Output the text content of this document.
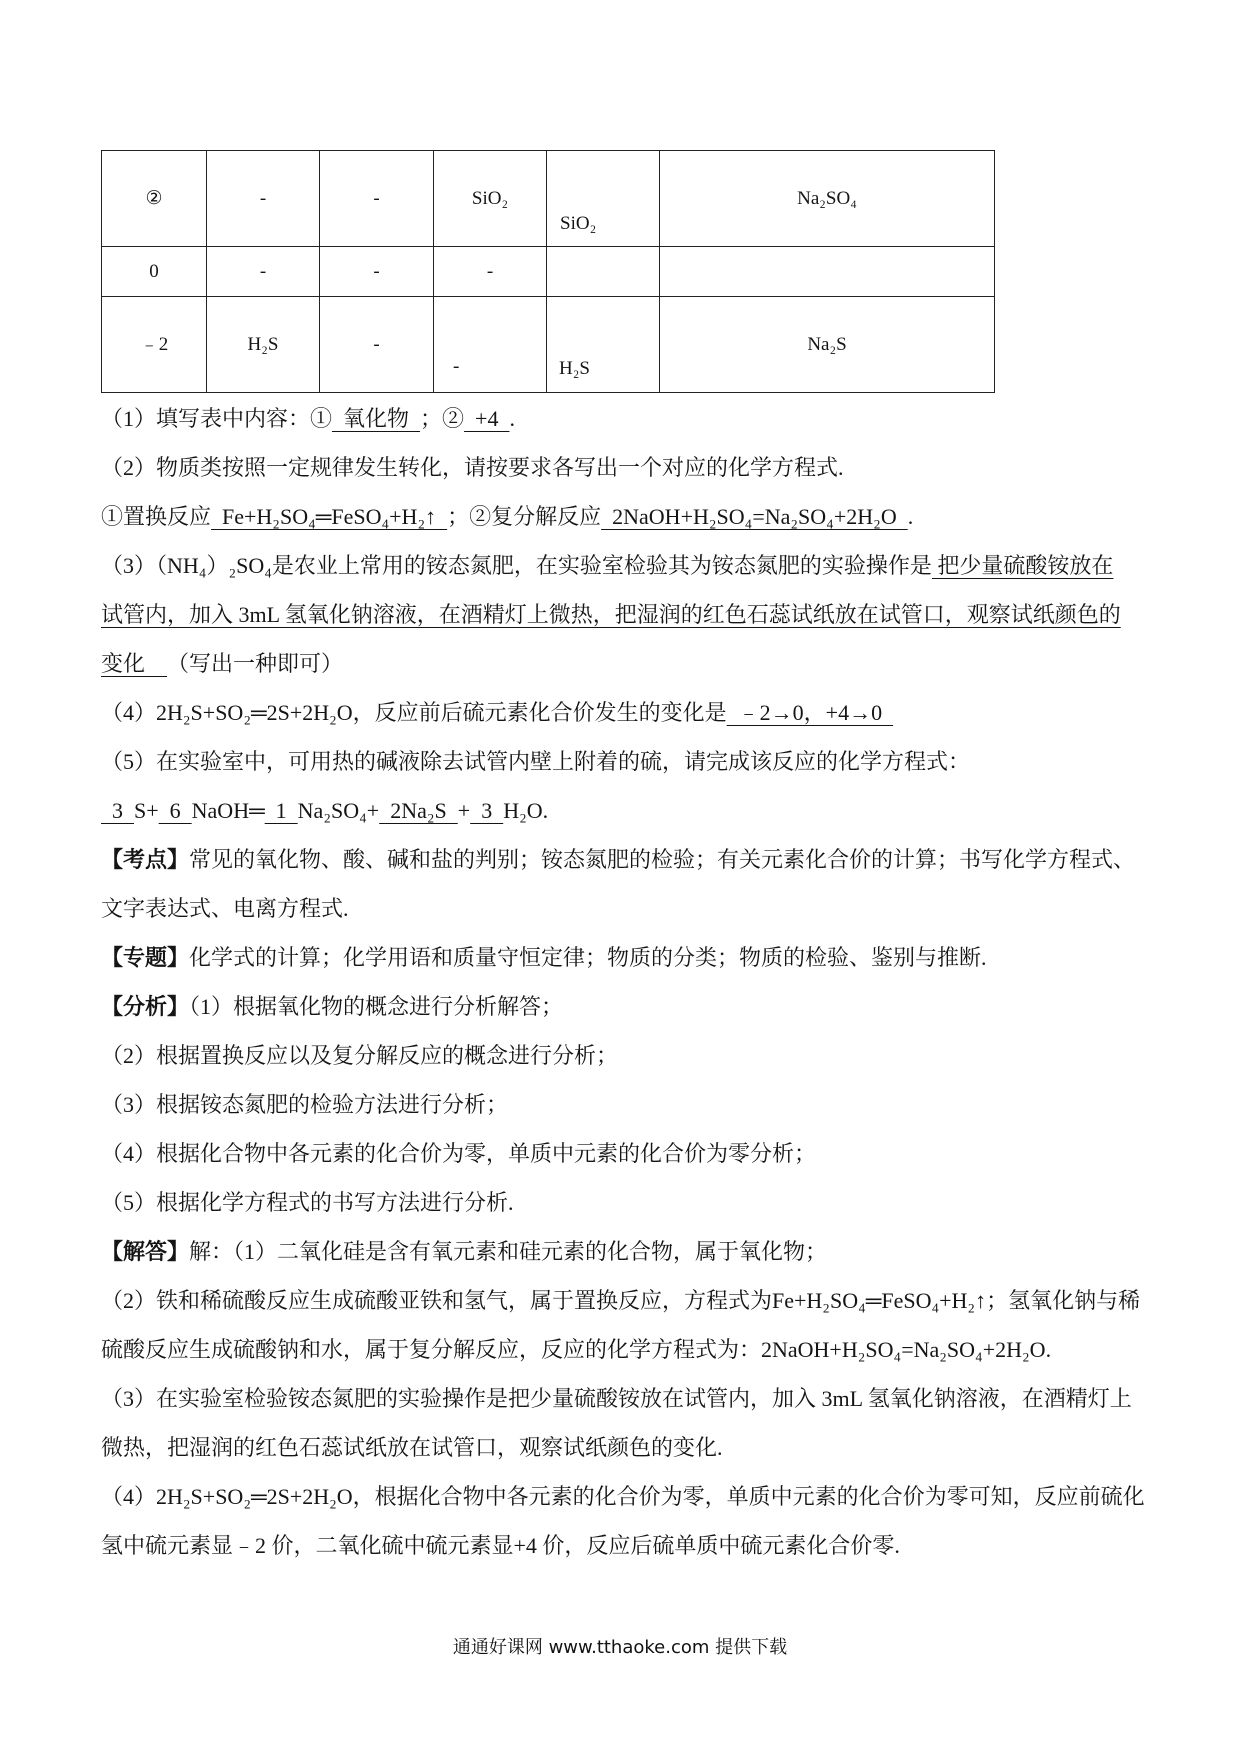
②	-	-	SiO₂	SiO₂	Na₂SO₄
0	-	-	-		
﹣2	H₂S	-	-	H₂S	Na₂S
（1）填写表中内容：①  氧化物  ；②  +4  .
（2）物质类按照一定规律发生转化，请按要求各写出一个对应的化学方程式.
①置换反应  Fe+H₂SO₄═FeSO₄+H₂↑  ；②复分解反应  2NaOH+H₂SO₄=Na₂SO₄+2H₂O  .
（3）（NH₄）₂SO₄是农业上常用的铵态氮肥，在实验室检验其为铵态氮肥的实验操作是 把少量硫酸铵放在
试管内，加入 3mL 氢氧化钠溶液，在酒精灯上微热，把湿润的红色石蕊试纸放在试管口，观察试纸颜色的
变化    （写出一种即可）
（4）2H₂S+SO₂═2S+2H₂O，反应前后硫元素化合价发生的变化是  ﹣2→0，+4→0
（5）在实验室中，可用热的碱液除去试管内壁上附着的硫，请完成该反应的化学方程式：
3  S+  6  NaOH═  1  Na₂SO₄+  2Na₂S  +  3  H₂O.
【考点】常见的氧化物、酸、碱和盐的判别；铵态氮肥的检验；有关元素化合价的计算；书写化学方程式、
文字表达式、电离方程式.
【专题】化学式的计算；化学用语和质量守恒定律；物质的分类；物质的检验、鉴别与推断.
【分析】（1）根据氧化物的概念进行分析解答；
（2）根据置换反应以及复分解反应的概念进行分析；
（3）根据铵态氮肥的检验方法进行分析；
（4）根据化合物中各元素的化合价为零，单质中元素的化合价为零分析；
（5）根据化学方程式的书写方法进行分析.
【解答】解：（1）二氧化硅是含有氧元素和硅元素的化合物，属于氧化物；
（2）铁和稀硫酸反应生成硫酸亚铁和氢气，属于置换反应，方程式为Fe+H₂SO₄═FeSO₄+H₂↑；氢氧化钠与稀
硫酸反应生成硫酸钠和水，属于复分解反应，反应的化学方程式为：2NaOH+H₂SO₄=Na₂SO₄+2H₂O.
（3）在实验室检验铵态氮肥的实验操作是把少量硫酸铵放在试管内，加入 3mL 氢氧化钠溶液，在酒精灯上
微热，把湿润的红色石蕊试纸放在试管口，观察试纸颜色的变化.
（4）2H₂S+SO₂═2S+2H₂O，根据化合物中各元素的化合价为零，单质中元素的化合价为零可知，反应前硫化
氢中硫元素显﹣2 价，二氧化硫中硫元素显+4 价，反应后硫单质中硫元素化合价零.
通通好课网 www.tthaoke.com 提供下载
